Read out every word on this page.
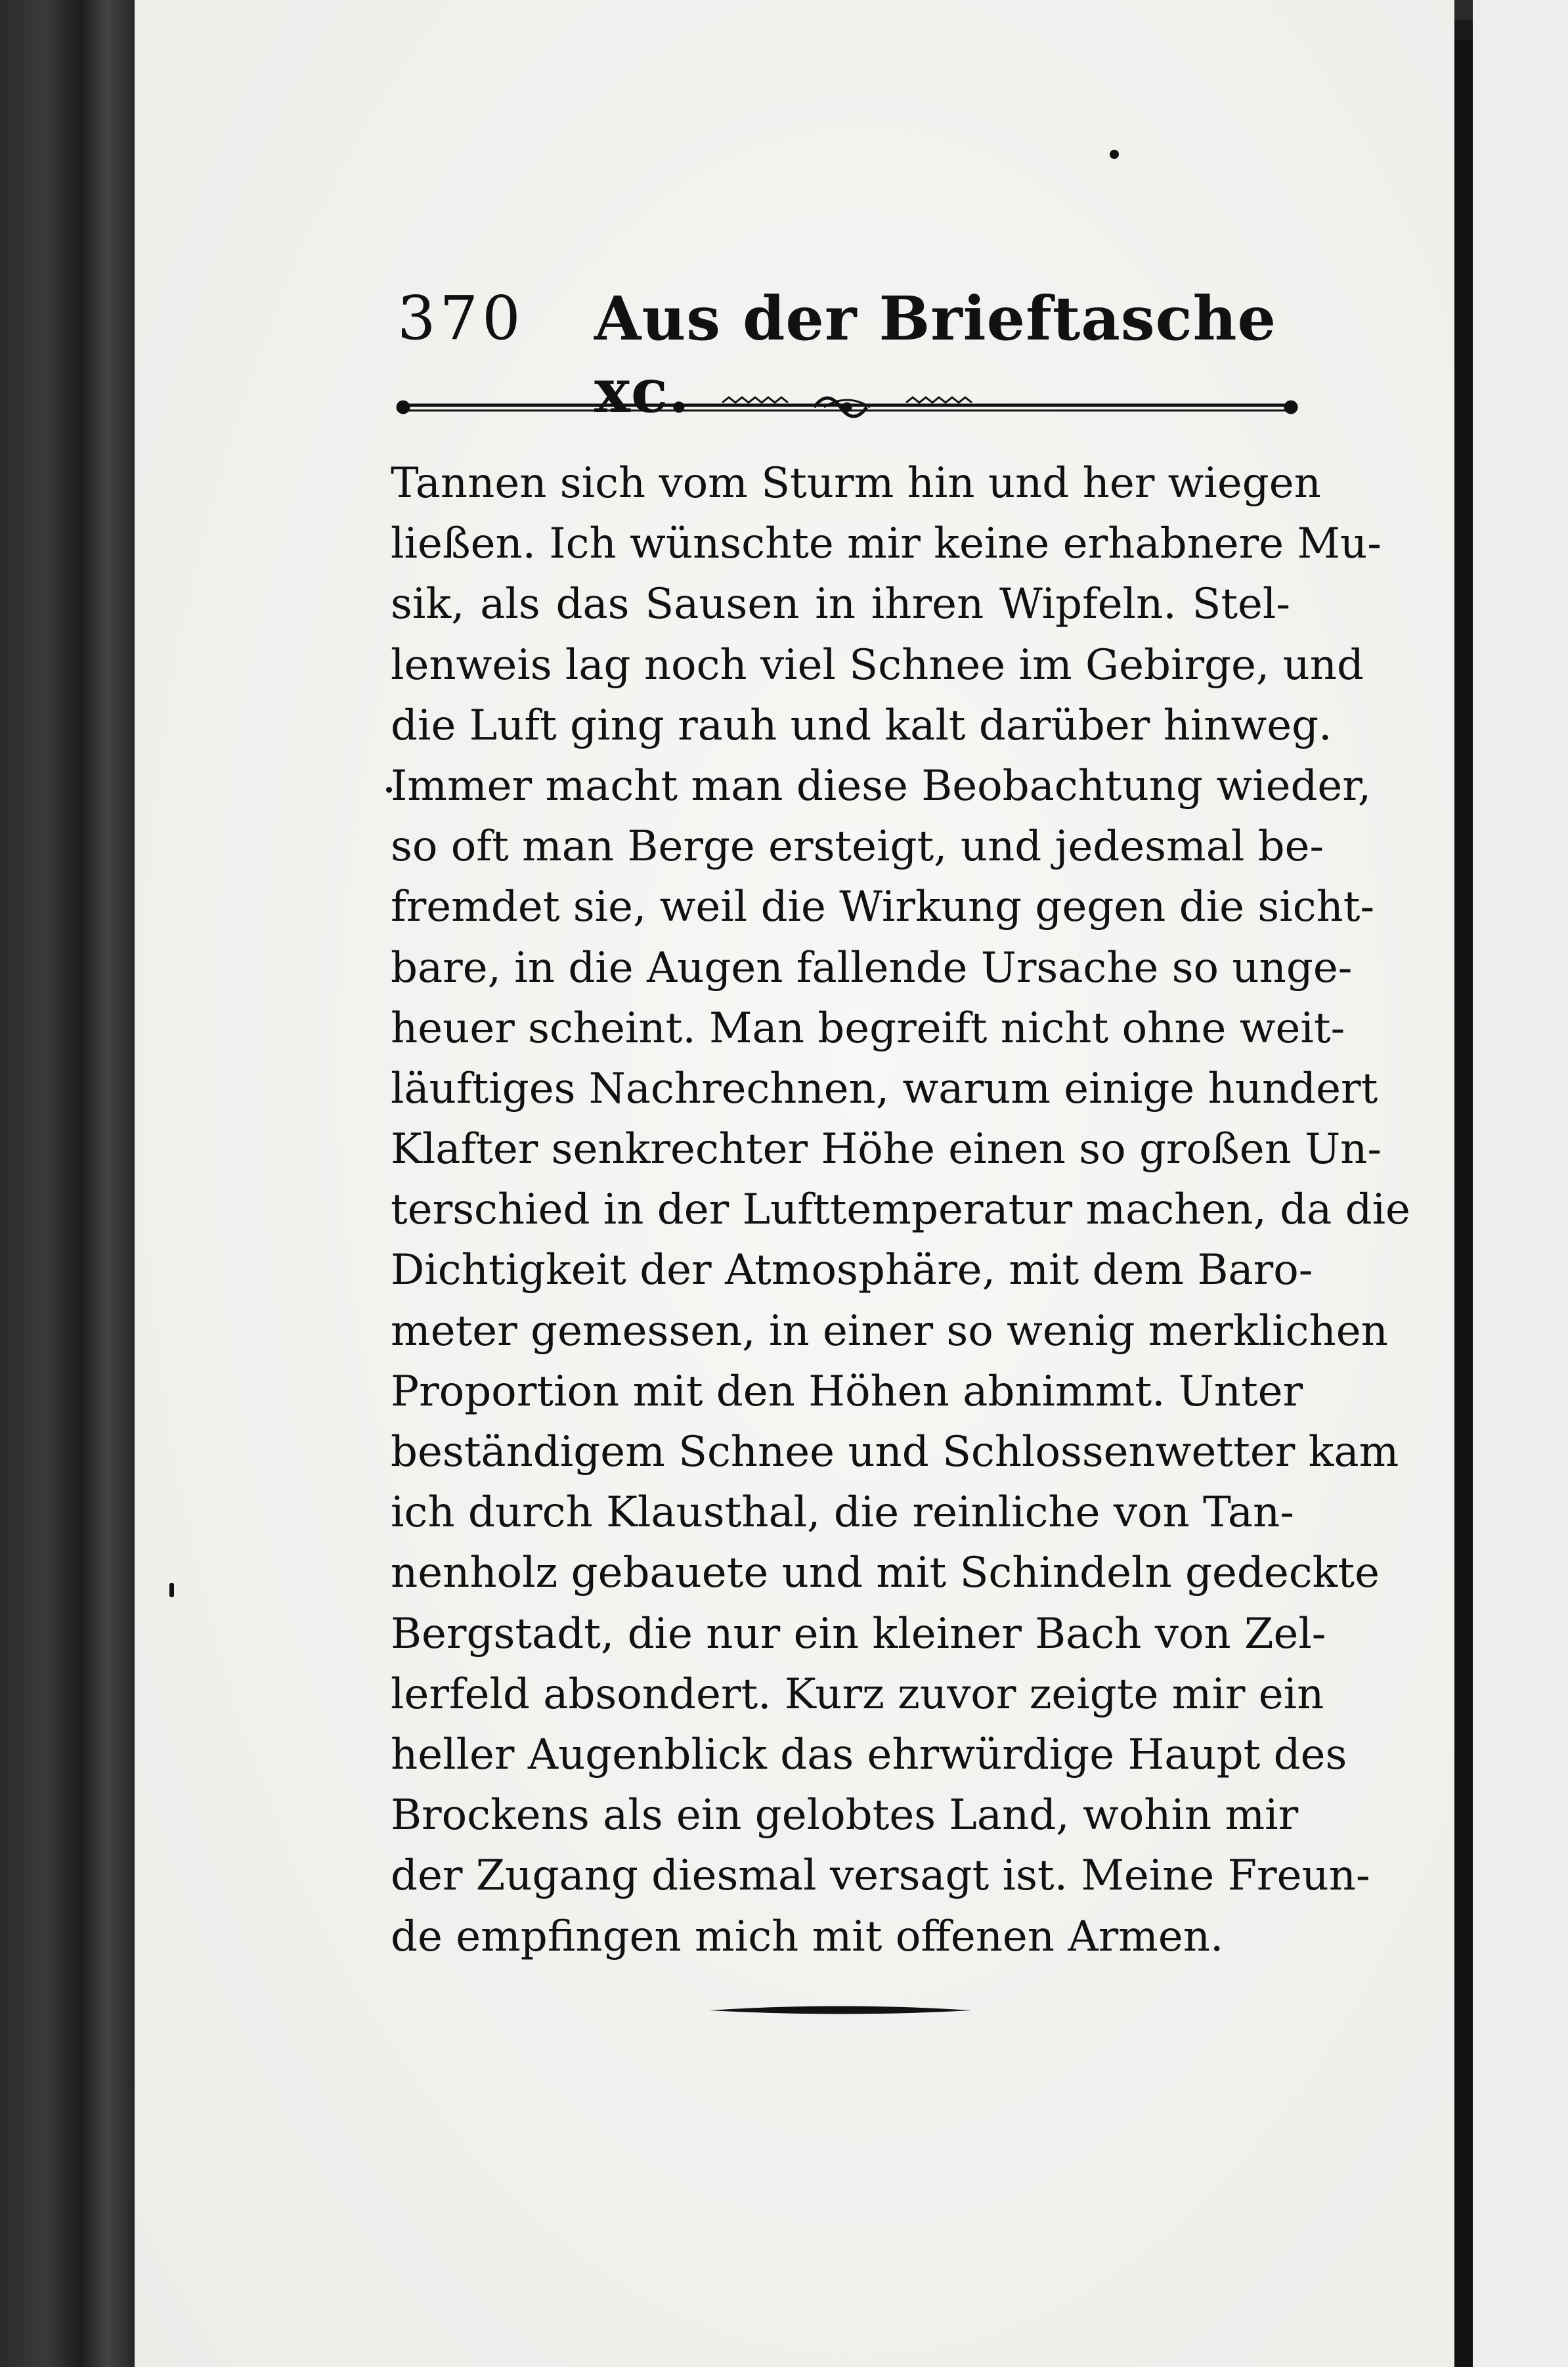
370 Aus der Brieftasche xc.

Tannen sich vom Sturm hin und her wiegen
ließen. Ich wünschte mir keine erhabnere Mu-
sik, als das Sausen in ihren Wipfeln. Stel-
lenweis lag noch viel Schnee im Gebirge, und
die Luft ging rauh und kalt darüber hinweg.
Immer macht man diese Beobachtung wieder,
so oft man Berge ersteigt, und jedesmal be-
fremdet sie, weil die Wirkung gegen die sicht-
bare, in die Augen fallende Ursache so unge-
heuer scheint. Man begreift nicht ohne weit-
läuftiges Nachrechnen, warum einige hundert
Klafter senkrechter Höhe einen so großen Un-
terschied in der Lufttemperatur machen, da die
Dichtigkeit der Atmosphäre, mit dem Baro-
meter gemessen, in einer so wenig merklichen
Proportion mit den Höhen abnimmt. Unter
beständigem Schnee und Schlossenwetter kam
ich durch Klausthal, die reinliche von Tan-
nenholz gebauete und mit Schindeln gedeckte
Bergstadt, die nur ein kleiner Bach von Zel-
lerfeld absondert. Kurz zuvor zeigte mir ein
heller Augenblick das ehrwürdige Haupt des
Brockens als ein gelobtes Land, wohin mir
der Zugang diesmal versagt ist. Meine Freun-
de empfingen mich mit offenen Armen.
